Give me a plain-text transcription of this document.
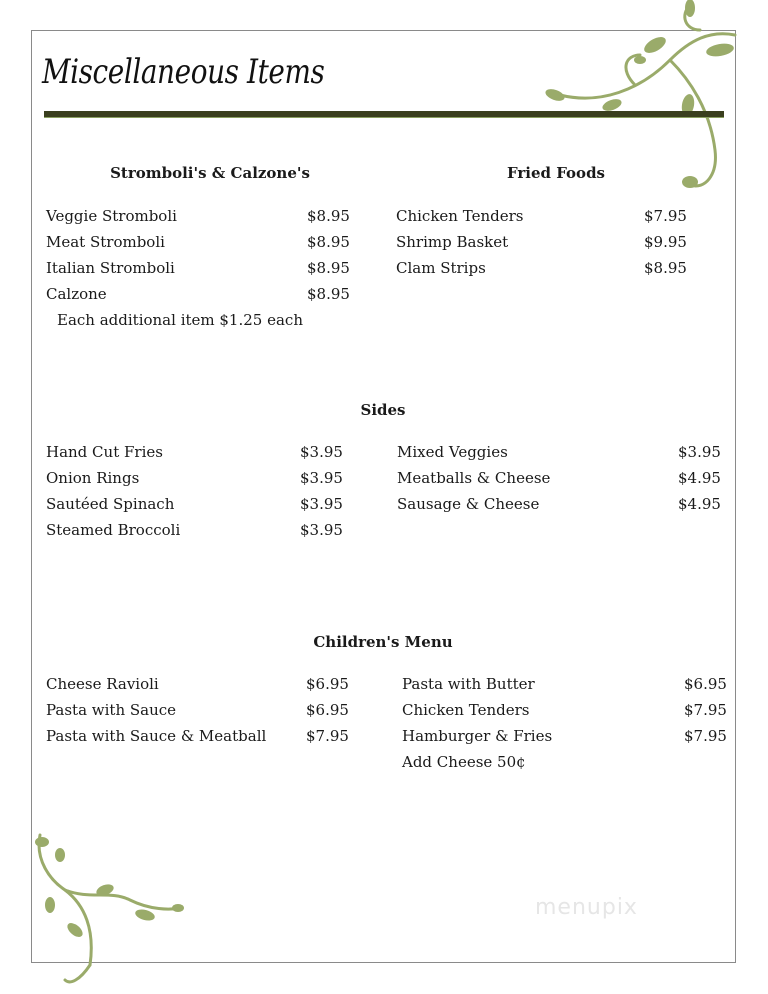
Miscellaneous Items
Stromboli's & Calzone's
Veggie Stromboli	$8.95
Meat Stromboli	$8.95
Italian Stromboli	$8.95
Calzone	$8.95
Each additional item $1.25 each
Fried Foods
Chicken Tenders	$7.95
Shrimp Basket	$9.95
Clam Strips	$8.95
Sides
Hand Cut Fries	$3.95
Onion Rings	$3.95
Sautéed Spinach	$3.95
Steamed Broccoli	$3.95
Mixed Veggies	$3.95
Meatballs & Cheese	$4.95
Sausage & Cheese	$4.95
Children's Menu
Cheese Ravioli	$6.95
Pasta with Sauce	$6.95
Pasta with Sauce & Meatball	$7.95
Pasta with Butter	$6.95
Chicken Tenders	$7.95
Hamburger & Fries	$7.95
Add Cheese 50¢
menupix
